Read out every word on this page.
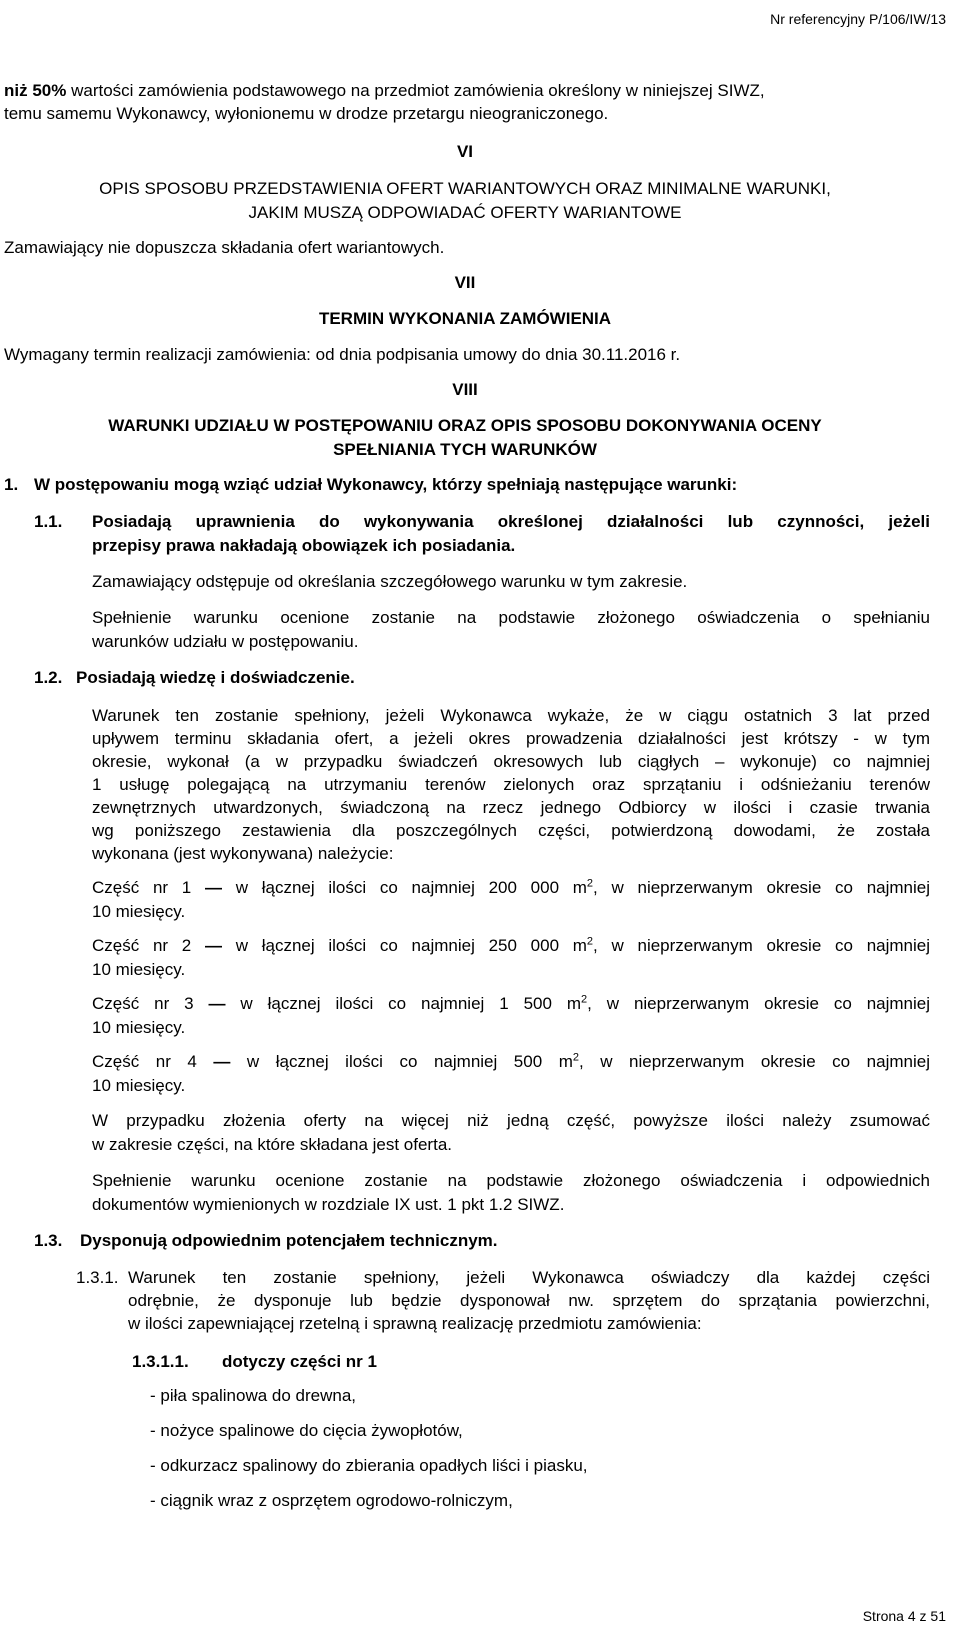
Nr referencyjny P/106/IW/13
niż 50% wartości zamówienia podstawowego na przedmiot zamówienia określony w niniejszej SIWZ,
temu samemu Wykonawcy, wyłonionemu w drodze przetargu nieograniczonego.
VI
OPIS SPOSOBU PRZEDSTAWIENIA OFERT WARIANTOWYCH ORAZ MINIMALNE WARUNKI,
JAKIM MUSZĄ ODPOWIADAĆ OFERTY WARIANTOWE
Zamawiający nie dopuszcza składania ofert wariantowych.
VII
TERMIN WYKONANIA ZAMÓWIENIA
Wymagany termin realizacji zamówienia: od dnia podpisania umowy do dnia 30.11.2016 r.
VIII
WARUNKI UDZIAŁU W POSTĘPOWANIU ORAZ OPIS SPOSOBU DOKONYWANIA OCENY
SPEŁNIANIA TYCH WARUNKÓW
1. W postępowaniu mogą wziąć udział Wykonawcy, którzy spełniają następujące warunki:
1.1. Posiadają uprawnienia do wykonywania określonej działalności lub czynności, jeżeli
przepisy prawa nakładają obowiązek ich posiadania.
Zamawiający odstępuje od określania szczegółowego warunku w tym zakresie.
Spełnienie warunku ocenione zostanie na podstawie złożonego oświadczenia o spełnianiu
warunków udziału w postępowaniu.
1.2. Posiadają wiedzę i doświadczenie.
Warunek ten zostanie spełniony, jeżeli Wykonawca wykaże, że w ciągu ostatnich 3 lat przed
upływem terminu składania ofert, a jeżeli okres prowadzenia działalności jest krótszy - w tym
okresie, wykonał (a w przypadku świadczeń okresowych lub ciągłych – wykonuje) co najmniej
1 usługę polegającą na utrzymaniu terenów zielonych oraz sprzątaniu i odśnieżaniu terenów
zewnętrznych utwardzonych, świadczoną na rzecz jednego Odbiorcy w ilości i czasie trwania
wg poniższego zestawienia dla poszczególnych części, potwierdzoną dowodami, że została
wykonana (jest wykonywana) należycie:
Część nr 1 — w łącznej ilości co najmniej 200 000 $m^2$, w nieprzerwanym okresie co najmniej
10 miesięcy.
Część nr 2 — w łącznej ilości co najmniej 250 000 $m^2$, w nieprzerwanym okresie co najmniej
10 miesięcy.
Część nr 3 — w łącznej ilości co najmniej 1 500 $m^2$, w nieprzerwanym okresie co najmniej
10 miesięcy.
Część nr 4 — w łącznej ilości co najmniej 500 $m^2$, w nieprzerwanym okresie co najmniej
10 miesięcy.
W przypadku złożenia oferty na więcej niż jedną część, powyższe ilości należy zsumować
w zakresie części, na które składana jest oferta.
Spełnienie warunku ocenione zostanie na podstawie złożonego oświadczenia i odpowiednich
dokumentów wymienionych w rozdziale IX ust. 1 pkt 1.2 SIWZ.
1.3. Dysponują odpowiednim potencjałem technicznym.
1.3.1. Warunek ten zostanie spełniony, jeżeli Wykonawca oświadczy dla każdej części
odrębnie, że dysponuje lub będzie dysponował nw. sprzętem do sprzątania powierzchni,
w ilości zapewniającej rzetelną i sprawną realizację przedmiotu zamówienia:
1.3.1.1. dotyczy części nr 1
- piła spalinowa do drewna,
- nożyce spalinowe do cięcia żywopłotów,
- odkurzacz spalinowy do zbierania opadłych liści i piasku,
- ciągnik wraz z osprzętem ogrodowo-rolniczym,
Strona 4 z 51
